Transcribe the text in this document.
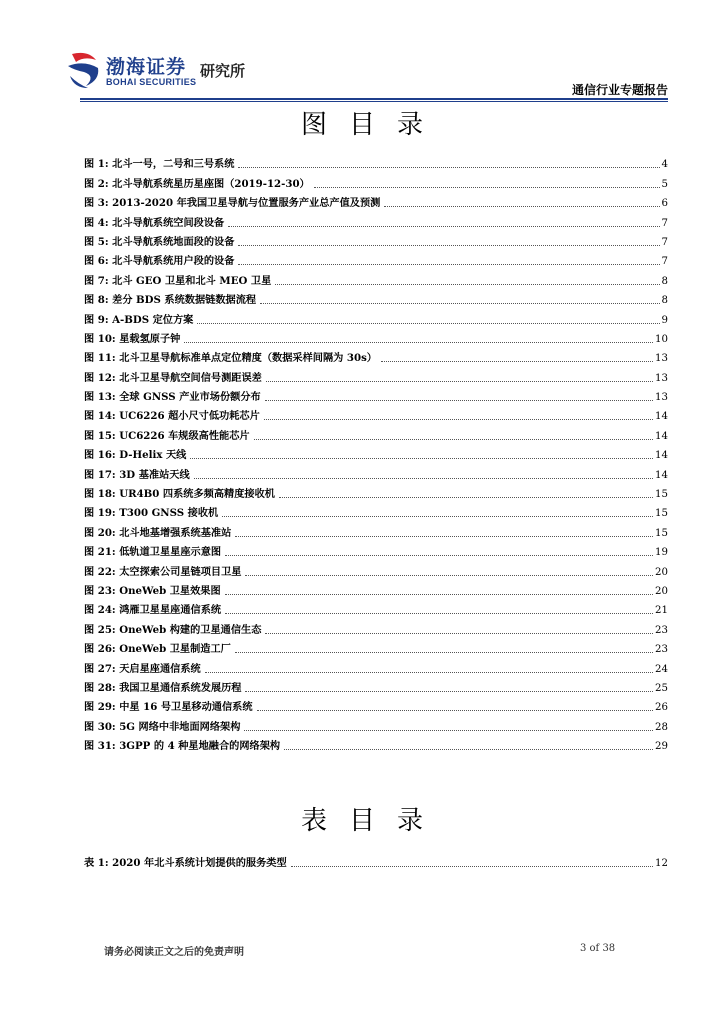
渤海证券
BOHAI SECURITIES
研究所
通信行业专题报告
图目录
图 1: 北斗一号，二号和三号系统	4
图 2: 北斗导航系统星历星座图（2019-12-30）	5
图 3: 2013-2020 年我国卫星导航与位置服务产业总产值及预测	6
图 4: 北斗导航系统空间段设备	7
图 5: 北斗导航系统地面段的设备	7
图 6: 北斗导航系统用户段的设备	7
图 7: 北斗 GEO 卫星和北斗 MEO 卫星	8
图 8: 差分 BDS 系统数据链数据流程	8
图 9: A-BDS 定位方案	9
图 10: 星载氢原子钟	10
图 11: 北斗卫星导航标准单点定位精度（数据采样间隔为 30s）	13
图 12: 北斗卫星导航空间信号测距误差	13
图 13: 全球 GNSS 产业市场份额分布	13
图 14: UC6226 超小尺寸低功耗芯片	14
图 15: UC6226 车规级高性能芯片	14
图 16: D-Helix 天线	14
图 17: 3D 基准站天线	14
图 18: UR4B0 四系统多频高精度接收机	15
图 19: T300 GNSS 接收机	15
图 20: 北斗地基增强系统基准站	15
图 21: 低轨道卫星星座示意图	19
图 22: 太空探索公司星链项目卫星	20
图 23: OneWeb 卫星效果图	20
图 24: 鸿雁卫星星座通信系统	21
图 25: OneWeb 构建的卫星通信生态	23
图 26: OneWeb 卫星制造工厂	23
图 27: 天启星座通信系统	24
图 28: 我国卫星通信系统发展历程	25
图 29: 中星 16 号卫星移动通信系统	26
图 30: 5G 网络中非地面网络架构	28
图 31: 3GPP 的 4 种星地融合的网络架构	29
表目录
表 1: 2020 年北斗系统计划提供的服务类型	12
请务必阅读正文之后的免责声明	3 of 38
